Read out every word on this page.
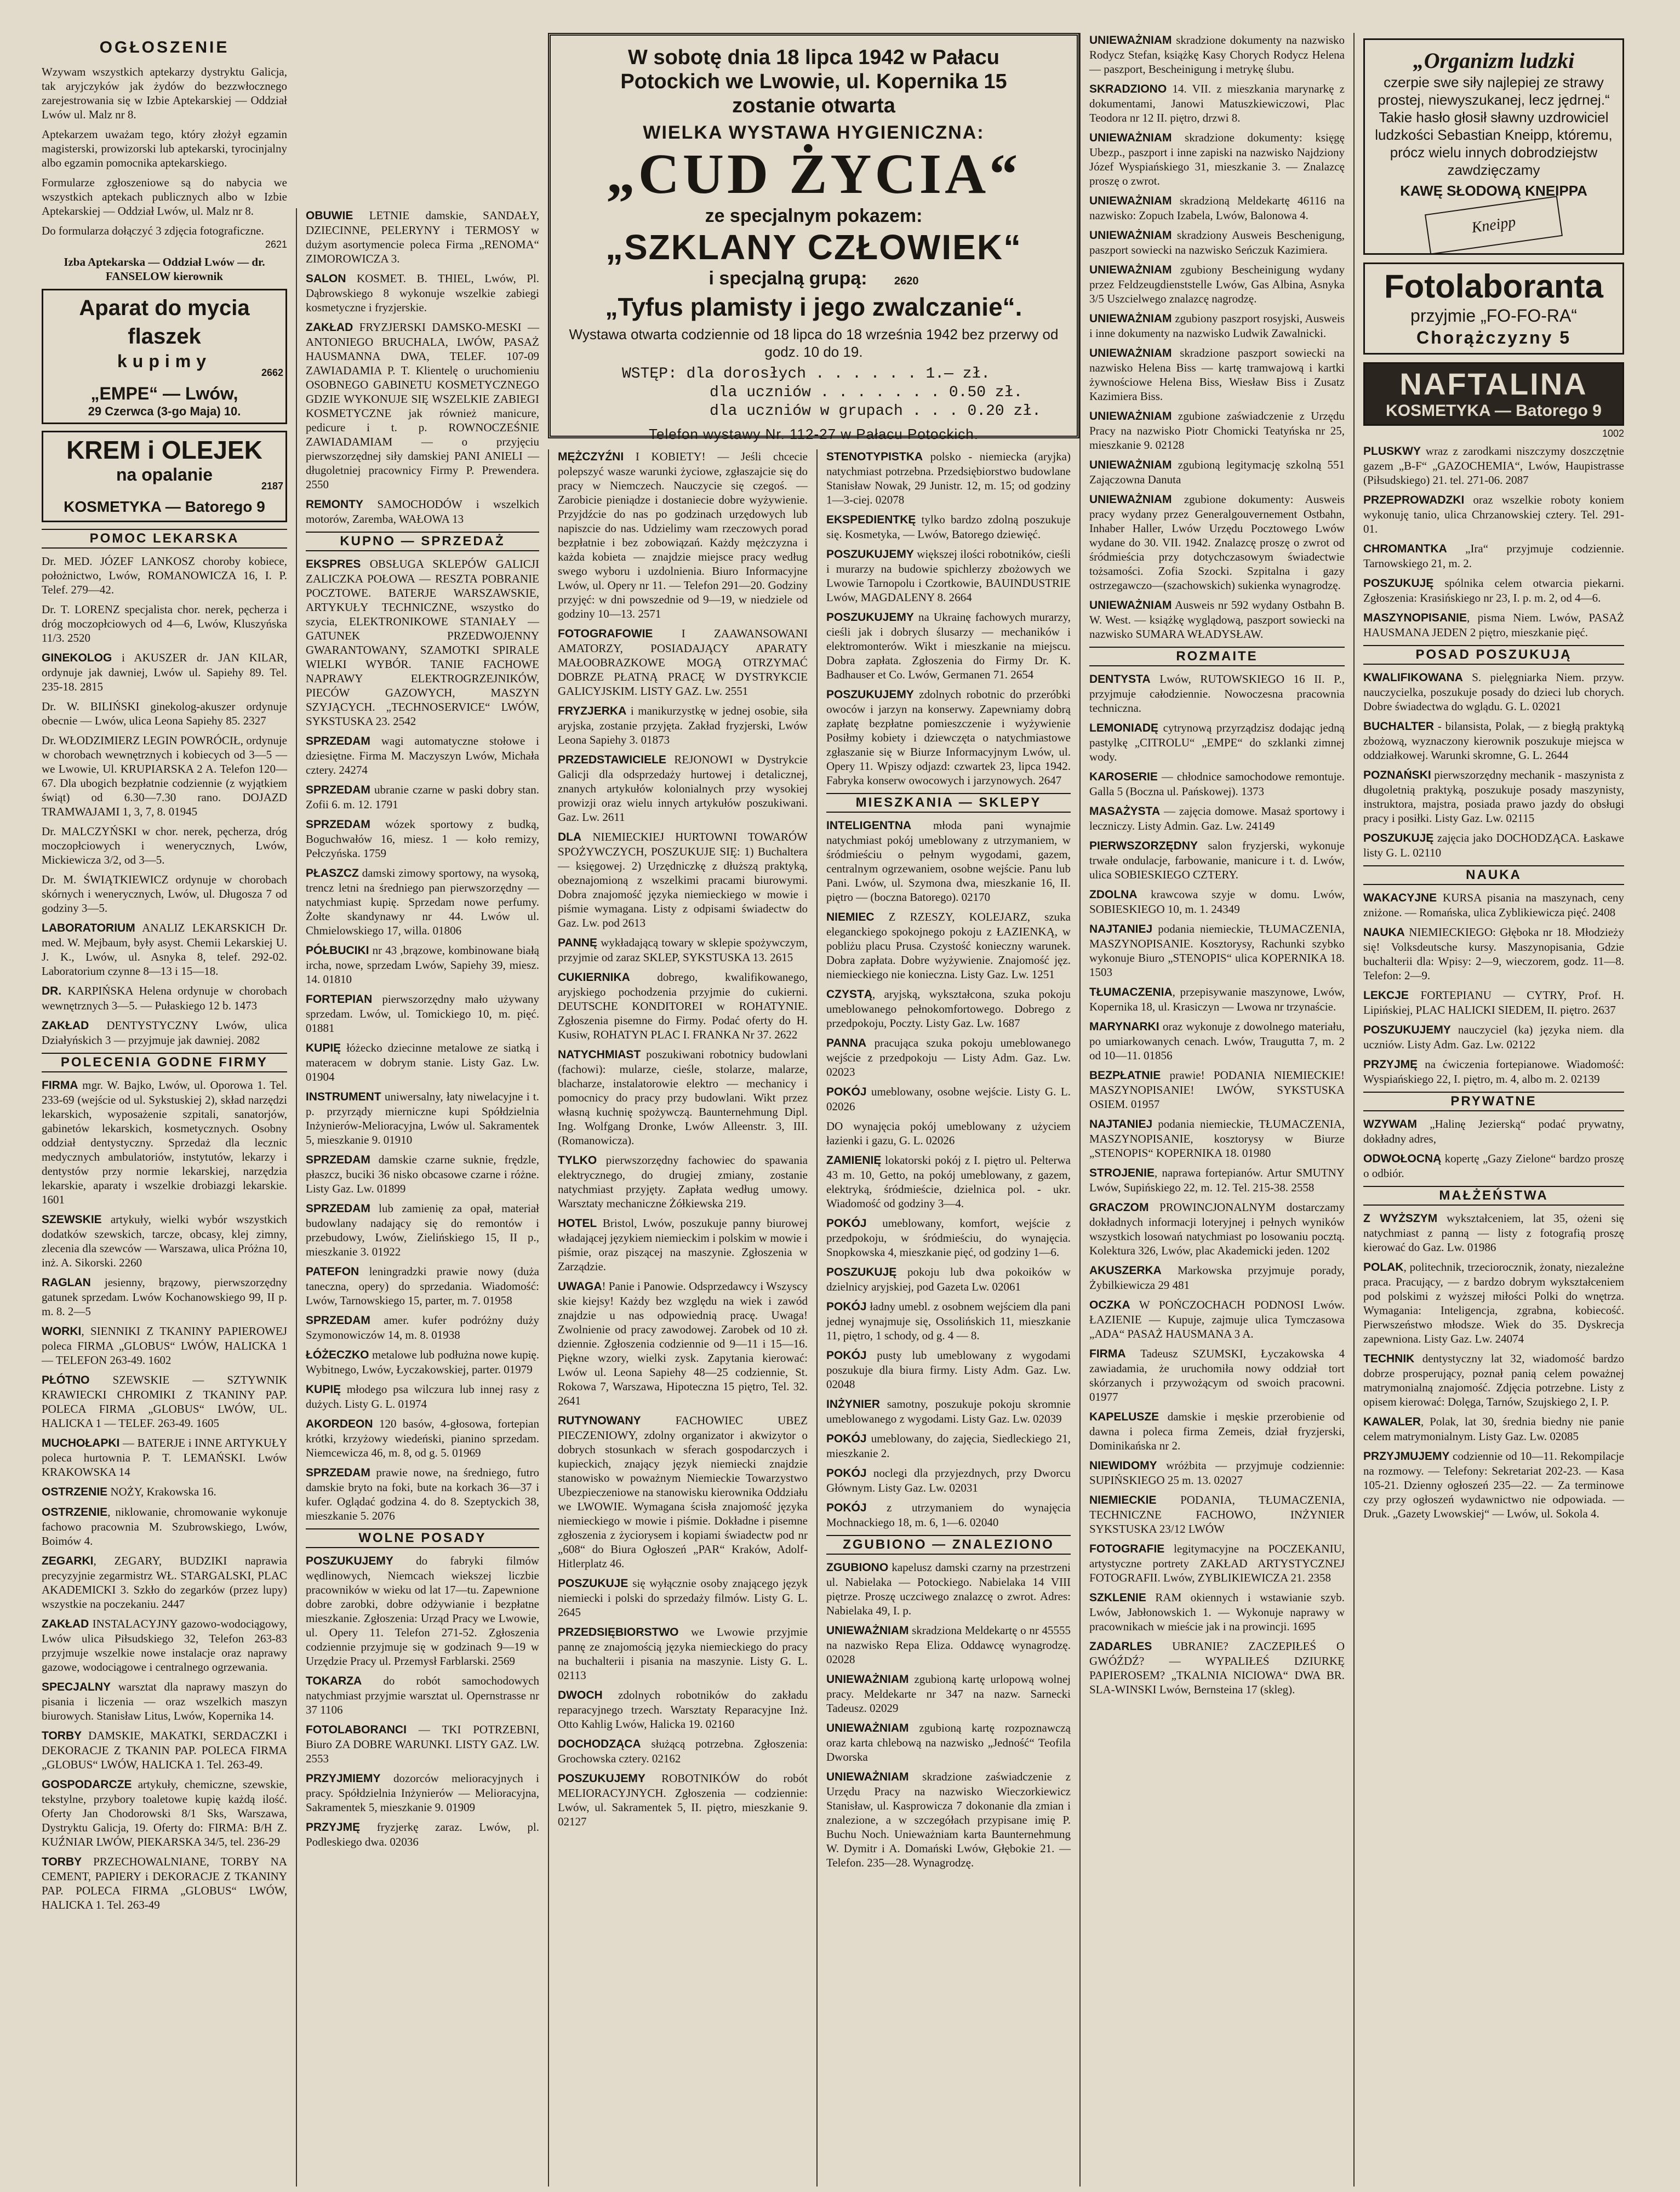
OGŁOSZENIE

Wzywam wszystkich aptekarzy dystryktu Galicja, tak aryjczyków jak żydów do bezzwłocznego zarejestrowania się w Izbie Aptekarskiej — Oddział Lwów ul. Malz nr 8.

Aptekarzem uważam tego, który złożył egzamin magisterski, prowizorski lub aptekarski, tyrocinjalny albo egzamin pomocnika aptekarskiego.

Formularze zgłoszeniowe są do nabycia we wszystkich aptekach publicznych albo w Izbie Aptekarskiej — Oddział Lwów, ul. Malz nr 8.

Do formularza dołączyć 3 zdjęcia fotograficzne.

2621

Izba Aptekarska — Oddział Lwów — dr. FANSELOW kierownik

Aparat do mycia flaszek
kupimy
2662
„EMPE“ — Lwów,
29 Czerwca (3-go Maja) 10.
KREM i OLEJEK
na opalanie
2187
KOSMETYKA — Batorego 9
POMOC LEKARSKA

Dr. MED. JÓZEF LANKOSZ choroby kobiece, położnictwo, Lwów, ROMANOWICZA 16, I. P. Telef. 279—42.

Dr. T. LORENZ specjalista chor. nerek, pęcherza i dróg moczopłciowych od 4—6, Lwów, Kluszyńska 11/3. 2520

GINEKOLOG i AKUSZER dr. JAN KILAR, ordynuje jak dawniej, Lwów ul. Sapiehy 89. Tel. 235-18. 2815

Dr. W. BILIŃSKI ginekolog-akuszer ordynuje obecnie — Lwów, ulica Leona Sapiehy 85. 2327

Dr. WŁODZIMIERZ LEGIN POWRÓCIŁ, ordynuje w chorobach wewnętrznych i kobiecych od 3—5 — we Lwowie, Ul. KRUPIARSKA 2 A. Telefon 120—67. Dla ubogich bezpłatnie codziennie (z wyjątkiem świąt) od 6.30—7.30 rano. DOJAZD TRAMWAJAMI 1, 3, 7, 8. 01945

Dr. MALCZYŃSKI w chor. nerek, pęcherza, dróg moczopłciowych i wenerycznych, Lwów, Mickiewicza 3/2, od 3—5.

Dr. M. ŚWIĄTKIEWICZ ordynuje w chorobach skórnych i wenerycznych, Lwów, ul. Długosza 7 od godziny 3—5.

LABORATORIUM ANALIZ LEKARSKICH Dr. med. W. Mejbaum, były asyst. Chemii Lekarskiej U. J. K., Lwów, ul. Asnyka 8, telef. 292-02. Laboratorium czynne 8—13 i 15—18.

DR. KARPIŃSKA Helena ordynuje w chorobach wewnętrznych 3—5. — Pułaskiego 12 b. 1473

ZAKŁAD DENTYSTYCZNY Lwów, ulica Działyńskich 3 — przyjmuje jak dawniej. 2082

POLECENIA GODNE FIRMY

FIRMA mgr. W. Bajko, Lwów, ul. Oporowa 1. Tel. 233-69 (wejście od ul. Sykstuskiej 2), skład narzędzi lekarskich, wyposażenie szpitali, sanatorjów, gabinetów lekarskich, kosmetycznych. Osobny oddział dentystyczny. Sprzedaż dla lecznic medycznych ambulatoriów, instytutów, lekarzy i dentystów przy normie lekarskiej, narzędzia lekarskie, aparaty i wszelkie drobiazgi lekarskie. 1601

SZEWSKIE artykuły, wielki wybór wszystkich dodatków szewskich, tarcze, obcasy, klej zimny, zlecenia dla szewców — Warszawa, ulica Próżna 10, inż. A. Sikorski. 2260

RAGLAN jesienny, brązowy, pierwszorzędny gatunek sprzedam. Lwów Kochanowskiego 99, II p. m. 8. 2—5

WORKI, SIENNIKI Z TKANINY PAPIEROWEJ poleca FIRMA „GLOBUS“ LWÓW, HALICKA 1 — TELEFON 263-49. 1602

PŁÓTNO SZEWSKIE — SZTYWNIK KRAWIECKI CHROMIKI Z TKANINY PAP. POLECA FIRMA „GLOBUS“ LWÓW, UL. HALICKA 1 — TELEF. 263-49. 1605

MUCHOŁAPKI — BATERJE i INNE ARTYKUŁY poleca hurtownia P. T. LEMAŃSKI. Lwów KRAKOWSKA 14

OSTRZENIE NOŻY, Krakowska 16.

OSTRZENIE, niklowanie, chromowanie wykonuje fachowo pracownia M. Szubrowskiego, Lwów, Boimów 4.

ZEGARKI, ZEGARY, BUDZIKI naprawia precyzyjnie zegarmistrz WŁ. STARGALSKI, PLAC AKADEMICKI 3. Szkło do zegarków (przez lupy) wszystkie na poczekaniu. 2447

ZAKŁAD INSTALACYJNY gazowo-wodociągowy, Lwów ulica Piłsudskiego 32, Telefon 263-83 przyjmuje wszelkie nowe instalacje oraz naprawy gazowe, wodociągowe i centralnego ogrzewania.

SPECJALNY warsztat dla naprawy maszyn do pisania i liczenia — oraz wszelkich maszyn biurowych. Stanisław Litus, Lwów, Kopernika 14.

TORBY DAMSKIE, MAKATKI, SERDACZKI i DEKORACJE Z TKANIN PAP. POLECA FIRMA „GLOBUS“ LWÓW, HALICKA 1. Tel. 263-49.

GOSPODARCZE artykuły, chemiczne, szewskie, tekstylne, przybory toaletowe kupię każdą ilość. Oferty Jan Chodorowski 8/1 Sks, Warszawa, Dystryktu Galicja, 19. Oferty do: FIRMA: B/H Z. KUŹNIAR LWÓW, PIEKARSKA 34/5, tel. 236-29

TORBY PRZECHOWALNIANE, TORBY NA CEMENT, PAPIERY i DEKORACJE Z TKANINY PAP. POLECA FIRMA „GLOBUS“ LWÓW, HALICKA 1. Tel. 263-49

W sobotę dnia 18 lipca 1942 w Pałacu
Potockich we Lwowie, ul. Kopernika 15
zostanie otwarta
WIELKA WYSTAWA HYGIENICZNA:
„CUD ŻYCIA“
ze specjalnym pokazem:
„SZKLANY CZŁOWIEK“
i specjalną grupą: 2620
„Tyfus plamisty i jego zwalczanie“.
Wystawa otwarta codziennie od 18 lipca do 18 września 1942 bez przerwy od godz. 10 do 19.
WSTĘP: dla dorosłych . . . . . . 1.— zł.
dla uczniów . . . . . . . 0.50 zł.
dla uczniów w grupach . . . 0.20 zł.
Telefon wystawy Nr. 112-27 w Pałacu Potockich.

OBUWIE LETNIE damskie, SANDAŁY, DZIECINNE, PELERYNY i TERMOSY w dużym asortymencie poleca Firma „RENOMA“ ZIMOROWICZA 3.

SALON KOSMET. B. THIEL, Lwów, Pl. Dąbrowskiego 8 wykonuje wszelkie zabiegi kosmetyczne i fryzjerskie.

ZAKŁAD FRYZJERSKI DAMSKO-MESKI — ANTONIEGO BRUCHALA, LWÓW, PASAŻ HAUSMANNA DWA, TELEF. 107-09 ZAWIADAMIA P. T. Klientelę o uruchomieniu OSOBNEGO GABINETU KOSMETYCZNEGO GDZIE WYKONUJE SIĘ WSZELKIE ZABIEGI KOSMETYCZNE jak również manicure, pedicure i t. p. ROWNOCZEŚNIE ZAWIADAMIAM — o przyjęciu pierwszorzędnej siły damskiej PANI ANIELI — długoletniej pracownicy Firmy P. Prewendera. 2550

REMONTY SAMOCHODÓW i wszelkich motorów, Zaremba, WAŁOWA 13

KUPNO — SPRZEDAŻ

EKSPRES OBSŁUGA SKLEPÓW GALICJI ZALICZKA POŁOWA — RESZTA POBRANIE POCZTOWE. BATERJE WARSZAWSKIE, ARTYKUŁY TECHNICZNE, wszystko do szycia, ELEKTRONIKOWE STANIAŁY — GATUNEK PRZEDWOJENNY GWARANTOWANY, SZAMOTKI SPIRALE WIELKI WYBÓR. TANIE FACHOWE NAPRAWY ELEKTROGRZEJNIKÓW, PIECÓW GAZOWYCH, MASZYN SZYJĄCYCH. „TECHNOSERVICE“ LWÓW, SYKSTUSKA 23. 2542

SPRZEDAM wagi automatyczne stołowe i dziesiętne. Firma M. Maczyszyn Lwów, Michała cztery. 24274

SPRZEDAM ubranie czarne w paski dobry stan. Zofii 6. m. 12. 1791

SPRZEDAM wózek sportowy z budką, Boguchwałów 16, miesz. 1 — koło remizy, Pełczyńska. 1759

PŁASZCZ damski zimowy sportowy, na wysoką, trencz letni na średniego pan pierwszorzędny — natychmiast kupię. Sprzedam nowe perfumy. Żołte skandynawy nr 44. Lwów ul. Chmielowskiego 17, willa. 01806

PÓŁBUCIKI nr 43 ,brązowe, kombinowane białą ircha, nowe, sprzedam Lwów, Sapiehy 39, miesz. 14. 01810

FORTEPIAN pierwszorzędny mało używany sprzedam. Lwów, ul. Tomickiego 10, m. pięć. 01881

KUPIĘ łóżecko dziecinne metalowe ze siatką i materacem w dobrym stanie. Listy Gaz. Lw. 01904

INSTRUMENT uniwersalny, łaty niwelacyjne i t. p. przyrządy mierniczne kupi Spółdzielnia Inżynierów-Melioracyjna, Lwów ul. Sakramentek 5, mieszkanie 9. 01910

SPRZEDAM damskie czarne suknie, frędzle, płaszcz, buciki 36 nisko obcasowe czarne i różne. Listy Gaz. Lw. 01899

SPRZEDAM lub zamienię za opał, materiał budowlany nadający się do remontów i przebudowy, Lwów, Zielińskiego 15, II p., mieszkanie 3. 01922

PATEFON leningradzki prawie nowy (duża taneczna, opery) do sprzedania. Wiadomość: Lwów, Tarnowskiego 15, parter, m. 7. 01958

SPRZEDAM amer. kufer podróżny duży Szymonowiczów 14, m. 8. 01938

ŁÓŻECZKO metalowe lub podłużna nowe kupię. Wybitnego, Lwów, Łyczakowskiej, parter. 01979

KUPIĘ młodego psa wilczura lub innej rasy z dużych. Listy G. L. 01974

AKORDEON 120 basów, 4-głosowa, fortepian krótki, krzyżowy wiedeński, pianino sprzedam. Niemcewicza 46, m. 8, od g. 5. 01969

SPRZEDAM prawie nowe, na średniego, futro damskie bryto na foki, bute na korkach 36—37 i kufer. Oglądać godzina 4. do 8. Szeptyckich 38, mieszkanie 5. 2076

WOLNE POSADY

POSZUKUJEMY do fabryki filmów wędlinowych, Niemcach wiekszej liczbie pracowników w wieku od lat 17—tu. Zapewnione dobre zarobki, dobre odżywianie i bezpłatne mieszkanie. Zgłoszenia: Urząd Pracy we Lwowie, ul. Opery 11. Telefon 271-52. Zgłoszenia codziennie przyjmuje się w godzinach 9—19 w Urzędzie Pracy ul. Przemysł Farblarski. 2569

TOKARZA do robót samochodowych natychmiast przyjmie warsztat ul. Opernstrasse nr 37 1106

FOTOLABORANCI — TKI POTRZEBNI, Biuro ZA DOBRE WARUNKI. LISTY GAZ. LW. 2553

PRZYJMIEMY dozorców melioracyjnych i pracy. Spółdzielnia Inżynierów — Melioracyjna, Sakramentek 5, mieszkanie 9. 01909

PRZYJMĘ fryzjerkę zaraz. Lwów, pl. Podleskiego dwa. 02036

MĘŻCZYŹNI I KOBIETY! — Jeśli chcecie polepszyć wasze warunki życiowe, zgłaszajcie się do pracy w Niemczech. Nauczycie się czegoś. — Zarobicie pieniądze i dostaniecie dobre wyżywienie. Przyjdźcie do nas po godzinach urzędowych lub napiszcie do nas. Udzielimy wam rzeczowych porad bezpłatnie i bez zobowiązań. Każdy mężczyzna i każda kobieta — znajdzie miejsce pracy według swego wyboru i uzdolnienia. Biuro Informacyjne Lwów, ul. Opery nr 11. — Telefon 291—20. Godziny przyjęć: w dni powszednie od 9—19, w niedziele od godziny 10—13. 2571

FOTOGRAFOWIE I ZAAWANSOWANI AMATORZY, POSIADAJĄCY APARATY MAŁOOBRAZKOWE MOGĄ OTRZYMAĆ DOBRZE PŁATNĄ PRACĘ W DYSTRYKCIE GALICYJSKIM. LISTY GAZ. Lw. 2551

FRYZJERKA i manikurzystkę w jednej osobie, siła aryjska, zostanie przyjęta. Zakład fryzjerski, Lwów Leona Sapiehy 3. 01873

PRZEDSTAWICIELE REJONOWI w Dystrykcie Galicji dla odsprzedaży hurtowej i detalicznej, znanych artykułów kolonialnych przy wysokiej prowizji oraz wielu innych artykułów poszukiwani. Gaz. Lw. 2611

DLA NIEMIECKIEJ HURTOWNI TOWARÓW SPOŻYWCZYCH, POSZUKUJE SIĘ: 1) Buchaltera — księgowej. 2) Urzędniczkę z dłuższą praktyką, obeznajomioną z wszelkimi pracami biurowymi. Dobra znajomość języka niemieckiego w mowie i piśmie wymagana. Listy z odpisami świadectw do Gaz. Lw. pod 2613

PANNĘ wykładającą towary w sklepie spożywczym, przyjmie od zaraz SKLEP, SYKSTUSKA 13. 2615

CUKIERNIKA dobrego, kwalifikowanego, aryjskiego pochodzenia przyjmie do cukierni. DEUTSCHE KONDITOREI w ROHATYNIE. Zgłoszenia pisemne do Firmy. Podać oferty do H. Kusiw, ROHATYN PLAC I. FRANKA Nr 37. 2622

NATYCHMIAST poszukiwani robotnicy budowlani (fachowi): mularze, cieśle, stolarze, malarze, blacharze, instalatorowie elektro — mechanicy i pomocnicy do pracy przy budowlani. Wikt przez własną kuchnię spożywczą. Baunternehmung Dipl. Ing. Wolfgang Dronke, Lwów Alleenstr. 3, III. (Romanowicza).

TYLKO pierwszorzędny fachowiec do spawania elektrycznego, do drugiej zmiany, zostanie natychmiast przyjęty. Zapłata według umowy. Warsztaty mechaniczne Żółkiewska 219.

HOTEL Bristol, Lwów, poszukuje panny biurowej władającej językiem niemieckim i polskim w mowie i piśmie, oraz piszącej na maszynie. Zgłoszenia w Zarządzie.

UWAGA! Panie i Panowie. Odsprzedawcy i Wszyscy skie kiejsy! Każdy bez względu na wiek i zawód znajdzie u nas odpowiednią pracę. Uwaga! Zwolnienie od pracy zawodowej. Zarobek od 10 zł. dziennie. Zgłoszenia codziennie od 9—11 i 15—16. Piękne wzory, wielki zysk. Zapytania kierować: Lwów ul. Leona Sapiehy 48—25 codziennie, St. Rokowa 7, Warszawa, Hipoteczna 15 piętro, Tel. 32. 2641

RUTYNOWANY FACHOWIEC UBEZ PIECZENIOWY, zdolny organizator i akwizytor o dobrych stosunkach w sferach gospodarczych i kupieckich, znający język niemiecki znajdzie stanowisko w poważnym Niemieckie Towarzystwo Ubezpieczeniowe na stanowisku kierownika Oddziału we LWOWIE. Wymagana ścisła znajomość języka niemieckiego w mowie i piśmie. Dokładne i pisemne zgłoszenia z życiorysem i kopiami świadectw pod nr „608“ do Biura Ogłoszeń „PAR“ Kraków, Adolf-Hitlerplatz 46.

POSZUKUJE się wyłącznie osoby znającego język niemiecki i polski do sprzedaży filmów. Listy G. L. 2645

PRZEDSIĘBIORSTWO we Lwowie przyjmie pannę ze znajomością języka niemieckiego do pracy na buchalterii i pisania na maszynie. Listy G. L. 02113

DWOCH zdolnych robotników do zakładu reparacyjnego trzech. Warsztaty Reparacyjne Inż. Otto Kahlig Lwów, Halicka 19. 02160

DOCHODZĄCA służącą potrzebna. Zgłoszenia: Grochowska cztery. 02162

POSZUKUJEMY ROBOTNIKÓW do robót MELIORACYJNYCH. Zgłoszenia — codziennie: Lwów, ul. Sakramentek 5, II. piętro, mieszkanie 9. 02127

STENOTYPISTKA polsko - niemiecka (aryjka) natychmiast potrzebna. Przedsiębiorstwo budowlane Stanisław Nowak, 29 Junistr. 12, m. 15; od godziny 1—3-ciej. 02078

EKSPEDIENTKĘ tylko bardzo zdolną poszukuje się. Kosmetyka, — Lwów, Batorego dziewięć.

POSZUKUJEMY większej ilości robotników, cieśli i murarzy na budowie spichlerzy zbożowych we Lwowie Tarnopolu i Czortkowie, BAUINDUSTRIE Lwów, MAGDALENY 8. 2664

POSZUKUJEMY na Ukrainę fachowych murarzy, cieśli jak i dobrych ślusarzy — mechaników i elektromonterów. Wikt i mieszkanie na miejscu. Dobra zapłata. Zgłoszenia do Firmy Dr. K. Badhauser et Co. Lwów, Germanen 71. 2654

POSZUKUJEMY zdolnych robotnic do przeróbki owoców i jarzyn na konserwy. Zapewniamy dobrą zapłatę bezpłatne pomieszczenie i wyżywienie Posiłmy kobiety i dziewczęta o natychmiastowe zgłaszanie się w Biurze Informacyjnym Lwów, ul. Opery 11. Wpiszy odjazd: czwartek 23, lipca 1942. Fabryka konserw owocowych i jarzynowych. 2647

MIESZKANIA — SKLEPY

INTELIGENTNA młoda pani wynajmie natychmiast pokój umeblowany z utrzymaniem, w śródmieściu o pełnym wygodami, gazem, centralnym ogrzewaniem, osobne wejście. Panu lub Pani. Lwów, ul. Szymona dwa, mieszkanie 16, II. piętro — (boczna Batorego). 02170

NIEMIEC Z RZESZY, KOLEJARZ, szuka eleganckiego spokojnego pokoju z ŁAZIENKĄ, w pobliżu placu Prusa. Czystość konieczny warunek. Dobra zapłata. Dobre wyżywienie. Znajomość jęz. niemieckiego nie konieczna. Listy Gaz. Lw. 1251

CZYSTĄ, aryjską, wykształcona, szuka pokoju umeblowanego pełnokomfortowego. Dobrego z przedpokoju, Poczty. Listy Gaz. Lw. 1687

PANNA pracująca szuka pokoju umeblowanego wejście z przedpokoju — Listy Adm. Gaz. Lw. 02023

POKÓJ umeblowany, osobne wejście. Listy G. L. 02026

DO wynajęcia pokój umeblowany z użyciem łazienki i gazu, G. L. 02026

ZAMIENIĘ lokatorski pokój z I. piętro ul. Pelterwa 43 m. 10, Getto, na pokój umeblowany, z gazem, elektryką, śródmieście, dzielnica pol. - ukr. Wiadomość od godziny 3—4.

POKÓJ umeblowany, komfort, wejście z przedpokoju, w śródmieściu, do wynajęcia. Snopkowska 4, mieszkanie pięć, od godziny 1—6.

POSZUKUJĘ pokoju lub dwa pokoików w dzielnicy aryjskiej, pod Gazeta Lw. 02061

POKÓJ ładny umebl. z osobnem wejściem dla pani jednej wynajmuje się, Ossolińskich 11, mieszkanie 11, piętro, 1 schody, od g. 4 — 8.

POKÓJ pusty lub umeblowany z wygodami poszukuje dla biura firmy. Listy Adm. Gaz. Lw. 02048

INŻYNIER samotny, poszukuje pokoju skromnie umeblowanego z wygodami. Listy Gaz. Lw. 02039

POKÓJ umeblowany, do zajęcia, Siedleckiego 21, mieszkanie 2.

POKÓJ noclegi dla przyjezdnych, przy Dworcu Głównym. Listy Gaz. Lw. 02031

POKÓJ z utrzymaniem do wynajęcia Mochnackiego 18, m. 6, 1—6. 02040

ZGUBIONO — ZNALEZIONO

ZGUBIONO kapelusz damski czarny na przestrzeni ul. Nabielaka — Potockiego. Nabielaka 14 VIII piętrze. Proszę uczciwego znalazcę o zwrot. Adres: Nabielaka 49, I. p.

UNIEWAŻNIAM skradziona Meldekartę o nr 45555 na nazwisko Repa Eliza. Oddawcę wynagrodzę. 02028

UNIEWAŻNIAM zgubioną kartę urlopową wolnej pracy. Meldekarte nr 347 na nazw. Sarnecki Tadeusz. 02029

UNIEWAŻNIAM zgubioną kartę rozpoznawczą oraz karta chlebową na nazwisko „Jedność“ Teofila Dworska

UNIEWAŻNIAM skradzione zaświadczenie z Urzędu Pracy na nazwisko Wieczorkiewicz Stanisław, ul. Kasprowicza 7 dokonanie dla zmian i znalezione, a w szczegółach przypisane imię P. Buchu Noch. Unieważniam karta Baunternehmung W. Dymitr i A. Domański Lwów, Głębokie 21. — Telefon. 235—28. Wynagrodzę.

UNIEWAŻNIAM skradzione dokumenty na nazwisko Rodycz Stefan, książkę Kasy Chorych Rodycz Helena — paszport, Bescheinigung i metrykę ślubu.

SKRADZIONO 14. VII. z mieszkania marynarkę z dokumentami, Janowi Matuszkiewiczowi, Plac Teodora nr 12 II. piętro, drzwi 8.

UNIEWAŻNIAM skradzione dokumenty: księgę Ubezp., paszport i inne zapiski na nazwisko Najdziony Józef Wyspiańskiego 31, mieszkanie 3. — Znalazcę proszę o zwrot.

UNIEWAŻNIAM skradzioną Meldekartę 46116 na nazwisko: Zopuch Izabela, Lwów, Balonowa 4.

UNIEWAŻNIAM skradziony Ausweis Beschenigung, paszport sowiecki na nazwisko Seńczuk Kazimiera.

UNIEWAŻNIAM zgubiony Bescheinigung wydany przez Feldzeugdienststelle Lwów, Gas Albina, Asnyka 3/5 Uszcielwego znalazcę nagrodzę.

UNIEWAŻNIAM zgubiony paszport rosyjski, Ausweis i inne dokumenty na nazwisko Ludwik Zawalnicki.

UNIEWAŻNIAM skradzione paszport sowiecki na nazwisko Helena Biss — kartę tramwajową i kartki żywnościowe Helena Biss, Wiesław Biss i Zusatz Kazimiera Biss.

UNIEWAŻNIAM zgubione zaświadczenie z Urzędu Pracy na nazwisko Piotr Chomicki Teatyńska nr 25, mieszkanie 9. 02128

UNIEWAŻNIAM zgubioną legitymację szkolną 551 Zajączowna Danuta

UNIEWAŻNIAM zgubione dokumenty: Ausweis pracy wydany przez Generalgouvernement Ostbahn, Inhaber Haller, Lwów Urzędu Pocztowego Lwów wydane do 30. VII. 1942. Znalazcę proszę o zwrot od śródmieścia przy dotychczasowym świadectwie tożsamości. Zofia Szocki. Szpitalna i gazy ostrzegawczo—(szachowskich) sukienka wynagrodzę.

UNIEWAŻNIAM Ausweis nr 592 wydany Ostbahn B. W. West. — książkę wyglądową, paszport sowiecki na nazwisko SUMARA WŁADYSŁAW.

ROZMAITE

DENTYSTA Lwów, RUTOWSKIEGO 16 II. P., przyjmuje całodziennie. Nowoczesna pracownia techniczna.

LEMONIADĘ cytrynową przyrządzisz dodając jedną pastylkę „CITROLU“ „EMPE“ do szklanki zimnej wody.

KAROSERIE — chłodnice samochodowe remontuje. Galla 5 (Boczna ul. Pańskowej). 1373

MASAŻYSTA — zajęcia domowe. Masaż sportowy i leczniczy. Listy Admin. Gaz. Lw. 24149

PIERWSZORZĘDNY salon fryzjerski, wykonuje trwałe ondulacje, farbowanie, manicure i t. d. Lwów, ulica SOBIESKIEGO CZTERY.

ZDOLNA krawcowa szyje w domu. Lwów, SOBIESKIEGO 10, m. 1. 24349

NAJTANIEJ podania niemieckie, TŁUMACZENIA, MASZYNOPISANIE. Kosztorysy, Rachunki szybko wykonuje Biuro „STENOPIS“ ulica KOPERNIKA 18. 1503

TŁUMACZENIA, przepisywanie maszynowe, Lwów, Kopernika 18, ul. Krasiczyn — Lwowa nr trzynaście.

MARYNARKI oraz wykonuje z dowolnego materiału, po umiarkowanych cenach. Lwów, Traugutta 7, m. 2 od 10—11. 01856

BEZPŁATNIE prawie! PODANIA NIEMIECKIE! MASZYNOPISANIE! LWÓW, SYKSTUSKA OSIEM. 01957

NAJTANIEJ podania niemieckie, TŁUMACZENIA, MASZYNOPISANIE, kosztorysy w Biurze „STENOPIS“ KOPERNIKA 18. 01980

STROJENIE, naprawa fortepianów. Artur SMUTNY Lwów, Supińskiego 22, m. 12. Tel. 215-38. 2558

GRACZOM PROWINCJONALNYM dostarczamy dokładnych informacji loteryjnej i pełnych wyników wszystkich losowań natychmiast po losowaniu pocztą. Kolektura 326, Lwów, plac Akademicki jeden. 1202

AKUSZERKA Markowska przyjmuje porady, Żybilkiewicza 29 481

OCZKA W POŃCZOCHACH PODNOSI Lwów. ŁAZIENIE — Kupuje, zajmuje ulica Tymczasowa „ADA“ PASAŻ HAUSMANA 3 A.

FIRMA Tadeusz SZUMSKI, Łyczakowska 4 zawiadamia, że uruchomiła nowy oddział tort skórzanych i przywożącym od swoich pracowni. 01977

KAPELUSZE damskie i męskie przerobienie od dawna i poleca firma Zemeis, dział fryzjerski, Dominikańska nr 2.

NIEWIDOMY wróżbita — przyjmuje codziennie: SUPIŃSKIEGO 25 m. 13. 02027

NIEMIECKIE PODANIA, TŁUMACZENIA, TECHNICZNE FACHOWO, INŻYNIER SYKSTUSKA 23/12 LWÓW

FOTOGRAFIE legitymacyjne na POCZEKANIU, artystyczne portrety ZAKŁAD ARTYSTYCZNEJ FOTOGRAFII. Lwów, ZYBLIKIEWICZA 21. 2358

SZKLENIE RAM okiennych i wstawianie szyb. Lwów, Jabłonowskich 1. — Wykonuje naprawy w pracownikach w mieście jak i na prowincji. 1695

ZADARLES UBRANIE? ZACZEPIŁEŚ O GWÓŹDŹ? — WYPALIŁEŚ DZIURKĘ PAPIEROSEM? „TKALNIA NICIOWA“ DWA BR. SLA-WINSKI Lwów, Bernsteina 17 (skleg).

„Organizm ludzki
czerpie swe siły najlepiej ze strawy prostej, niewyszukanej, lecz jędrnej.“ Takie hasło głosił sławny uzdrowiciel ludzkości Sebastian Kneipp, któremu, prócz wielu innych dobrodziejstw zawdzięczamy
KAWĘ SŁODOWĄ KNEIPPA
Kneipp
Fotolaboranta
przyjmie „FO-FO-RA“
Chorążczyzny 5
NAFTALINA
KOSMETYKA — Batorego 9
1002

PLUSKWY wraz z zarodkami niszczymy doszczętnie gazem „B-F“ „GAZOCHEMIA“, Lwów, Haupistrasse (Piłsudskiego) 21. tel. 271-06. 2087

PRZEPROWADZKI oraz wszelkie roboty koniem wykonuję tanio, ulica Chrzanowskiej cztery. Tel. 291-01.

CHROMANTKA „Ira“ przyjmuje codziennie. Tarnowskiego 21, m. 2.

POSZUKUJĘ spólnika celem otwarcia piekarni. Zgłoszenia: Krasińskiego nr 23, I. p. m. 2, od 4—6.

MASZYNOPISANIE, pisma Niem. Lwów, PASAŻ HAUSMANA JEDEN 2 piętro, mieszkanie pięć.

POSAD POSZUKUJĄ

KWALIFIKOWANA S. pielęgniarka Niem. przyw. nauczycielka, poszukuje posady do dzieci lub chorych. Dobre świadectwa do wglądu. G. L. 02021

BUCHALTER - bilansista, Polak, — z biegłą praktyką zbożową, wyznaczony kierownik poszukuje miejsca w oddziałkowej. Warunki skromne, G. L. 2644

POZNAŃSKI pierwszorzędny mechanik - maszynista z długoletnią praktyką, poszukuje posady maszynisty, instruktora, majstra, posiada prawo jazdy do obsługi pracy i posiłki. Listy Gaz. Lw. 02115

POSZUKUJĘ zajęcia jako DOCHODZĄCA. Łaskawe listy G. L. 02110

NAUKA

WAKACYJNE KURSA pisania na maszynach, ceny zniżone. — Romańska, ulica Zyblikiewicza pięć. 2408

NAUKA NIEMIECKIEGO: Głęboka nr 18. Młodzieży się! Volksdeutsche kursy. Maszynopisania, Gdzie buchalterii dla: Wpisy: 2—9, wieczorem, godz. 11—8. Telefon: 2—9.

LEKCJE FORTEPIANU — CYTRY, Prof. H. Lipińskiej, PLAC HALICKI SIEDEM, II. piętro. 2637

POSZUKUJEMY nauczyciel (ka) języka niem. dla uczniów. Listy Adm. Gaz. Lw. 02122

PRZYJMĘ na ćwiczenia fortepianowe. Wiadomość: Wyspiańskiego 22, I. piętro, m. 4, albo m. 2. 02139

PRYWATNE

WZYWAM „Halinę Jezierską“ podać prywatny, dokładny adres,

ODWOŁOCNĄ kopertę „Gazy Zielone“ bardzo proszę o odbiór.

MAŁŻEŃSTWA

Z WYŻSZYM wykształceniem, lat 35, ożeni się natychmiast z panną — listy z fotografią proszę kierować do Gaz. Lw. 01986

POLAK, politechnik, trzeciorocznik, żonaty, niezależne praca. Pracujący, — z bardzo dobrym wykształceniem pod polskimi z wyższej miłości Polki do wnętrza. Wymagania: Inteligencja, zgrabna, kobiecość. Pierwszeństwo młodsze. Wiek do 35. Dyskrecja zapewniona. Listy Gaz. Lw. 24074

TECHNIK dentystyczny lat 32, wiadomość bardzo dobrze prosperujący, poznał panią celem poważnej matrymonialną znajomość. Zdjęcia potrzebne. Listy z opisem kierować: Dolęga, Tarnów, Szujskiego 2, I. P.

KAWALER, Polak, lat 30, średnia biedny nie panie celem matrymonialnym. Listy Gaz. Lw. 02085

PRZYJMUJEMY codziennie od 10—11. Rekompilacje na rozmowy. — Telefony: Sekretariat 202-23. — Kasa 105-21. Dzienny ogłoszeń 235—22. — Za terminowe czy przy ogłoszeń wydawnictwo nie odpowiada. — Druk. „Gazety Lwowskiej“ — Lwów, ul. Sokola 4.
